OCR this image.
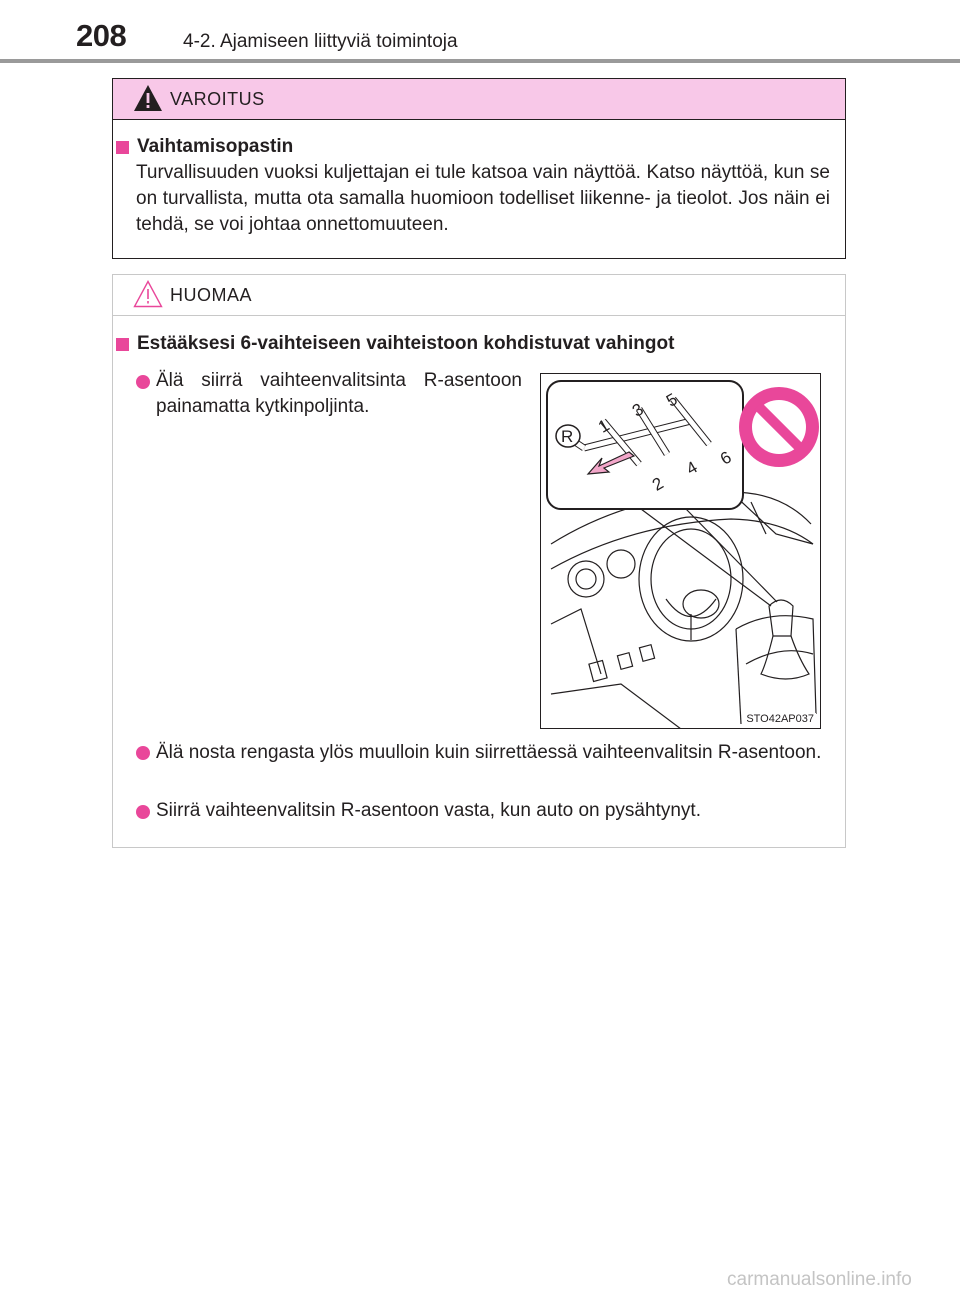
208	4-2. Ajamiseen liittyviä toimintoja
VAROITUS
Vaihtamisopastin
Turvallisuuden vuoksi kuljettajan ei tule katsoa vain näyttöä. Katso näyttöä, kun se on turvallista, mutta ota samalla huomioon todelliset liikenne- ja tieolot. Jos näin ei tehdä, se voi johtaa onnettomuuteen.
HUOMAA
Estääksesi 6-vaihteiseen vaihteistoon kohdistuvat vahingot
Älä siirrä vaihteenvalitsinta R-asentoon painamatta kytkinpoljinta.
Älä nosta rengasta ylös muulloin kuin siirrettäessä vaihteenvalitsin R-asentoon.
Siirrä vaihteenvalitsin R-asentoon vasta, kun auto on pysähtynyt.
R 1
2
3
4
5
6
STO42AP037
carmanualsonline.info
